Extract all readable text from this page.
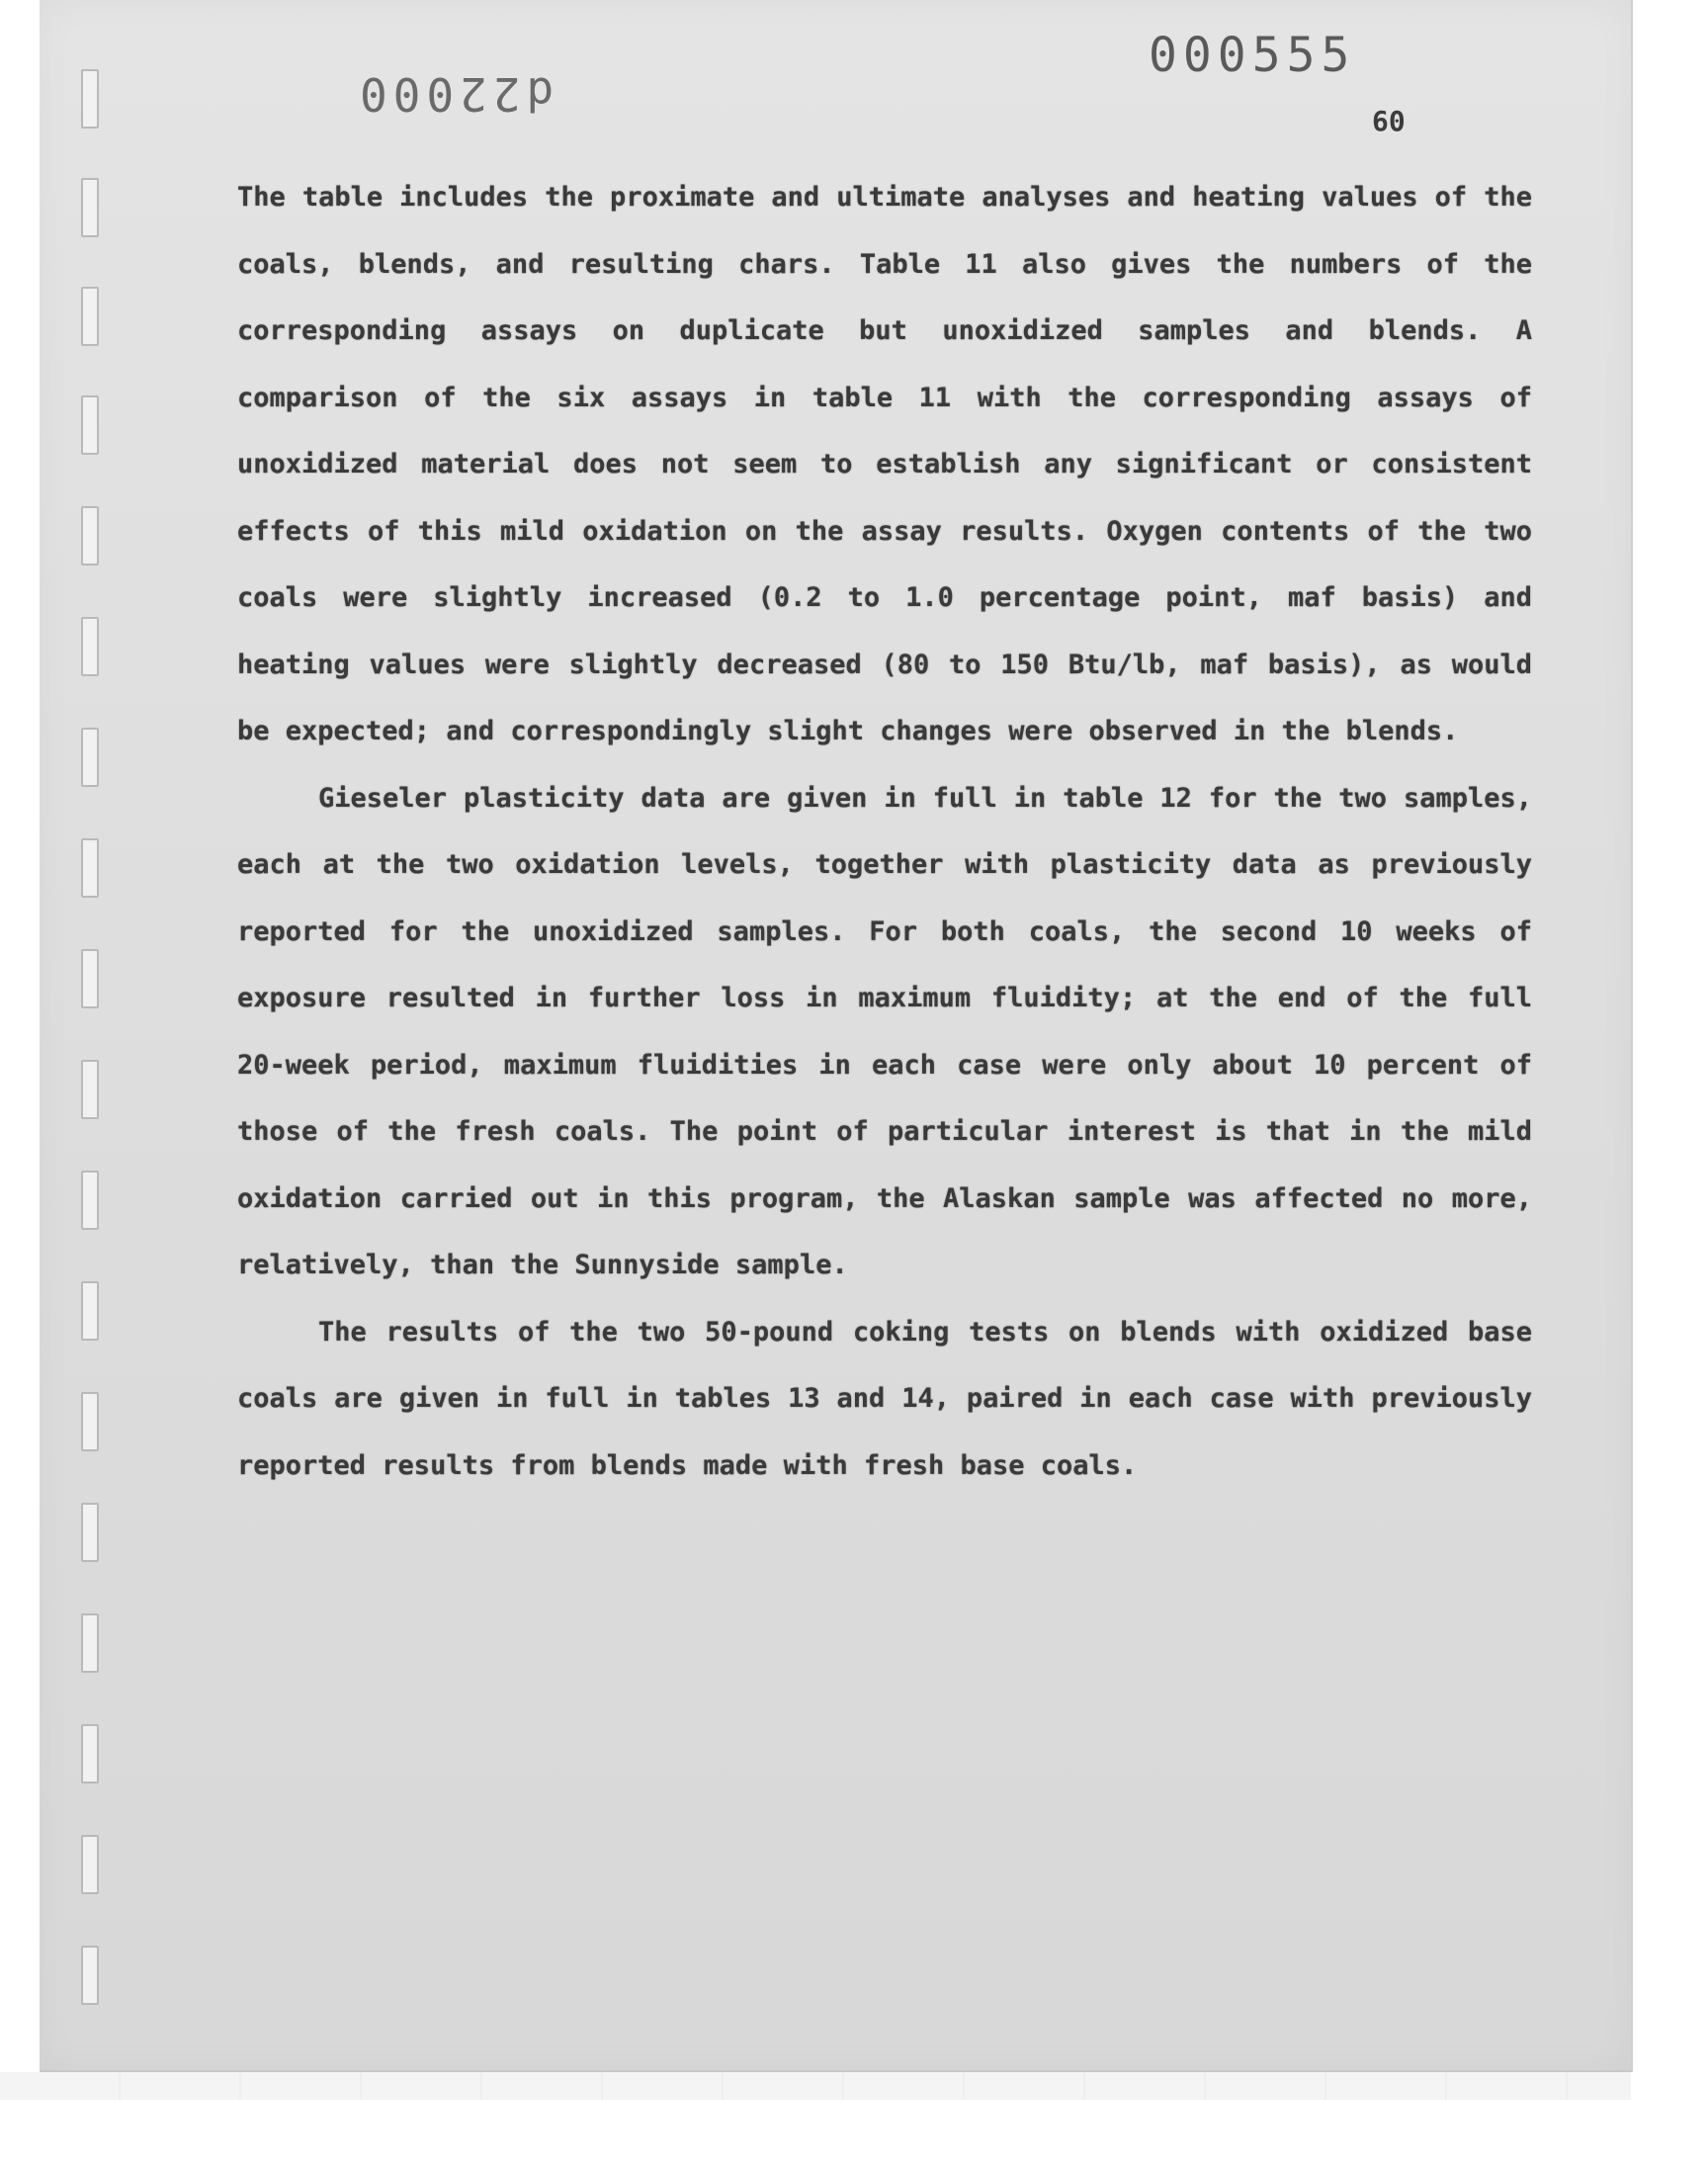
d22000
000555
60

The table includes the proximate and ultimate analyses and heating values of the coals, blends, and resulting chars. Table 11 also gives the numbers of the corresponding assays on duplicate but unoxidized samples and blends. A comparison of the six assays in table 11 with the corresponding assays of unoxidized material does not seem to establish any significant or consistent effects of this mild oxidation on the assay results. Oxygen contents of the two coals were slightly increased (0.2 to 1.0 percentage point, maf basis) and heating values were slightly decreased (80 to 150 Btu/lb, maf basis), as would be expected; and correspondingly slight changes were observed in the blends.

Gieseler plasticity data are given in full in table 12 for the two samples, each at the two oxidation levels, together with plasticity data as previously reported for the unoxidized samples. For both coals, the second 10 weeks of exposure resulted in further loss in maximum fluidity; at the end of the full 20-week period, maximum fluidities in each case were only about 10 percent of those of the fresh coals. The point of particular interest is that in the mild oxidation carried out in this program, the Alaskan sample was affected no more, relatively, than the Sunnyside sample.

The results of the two 50-pound coking tests on blends with oxidized base coals are given in full in tables 13 and 14, paired in each case with previously reported results from blends made with fresh base coals.
